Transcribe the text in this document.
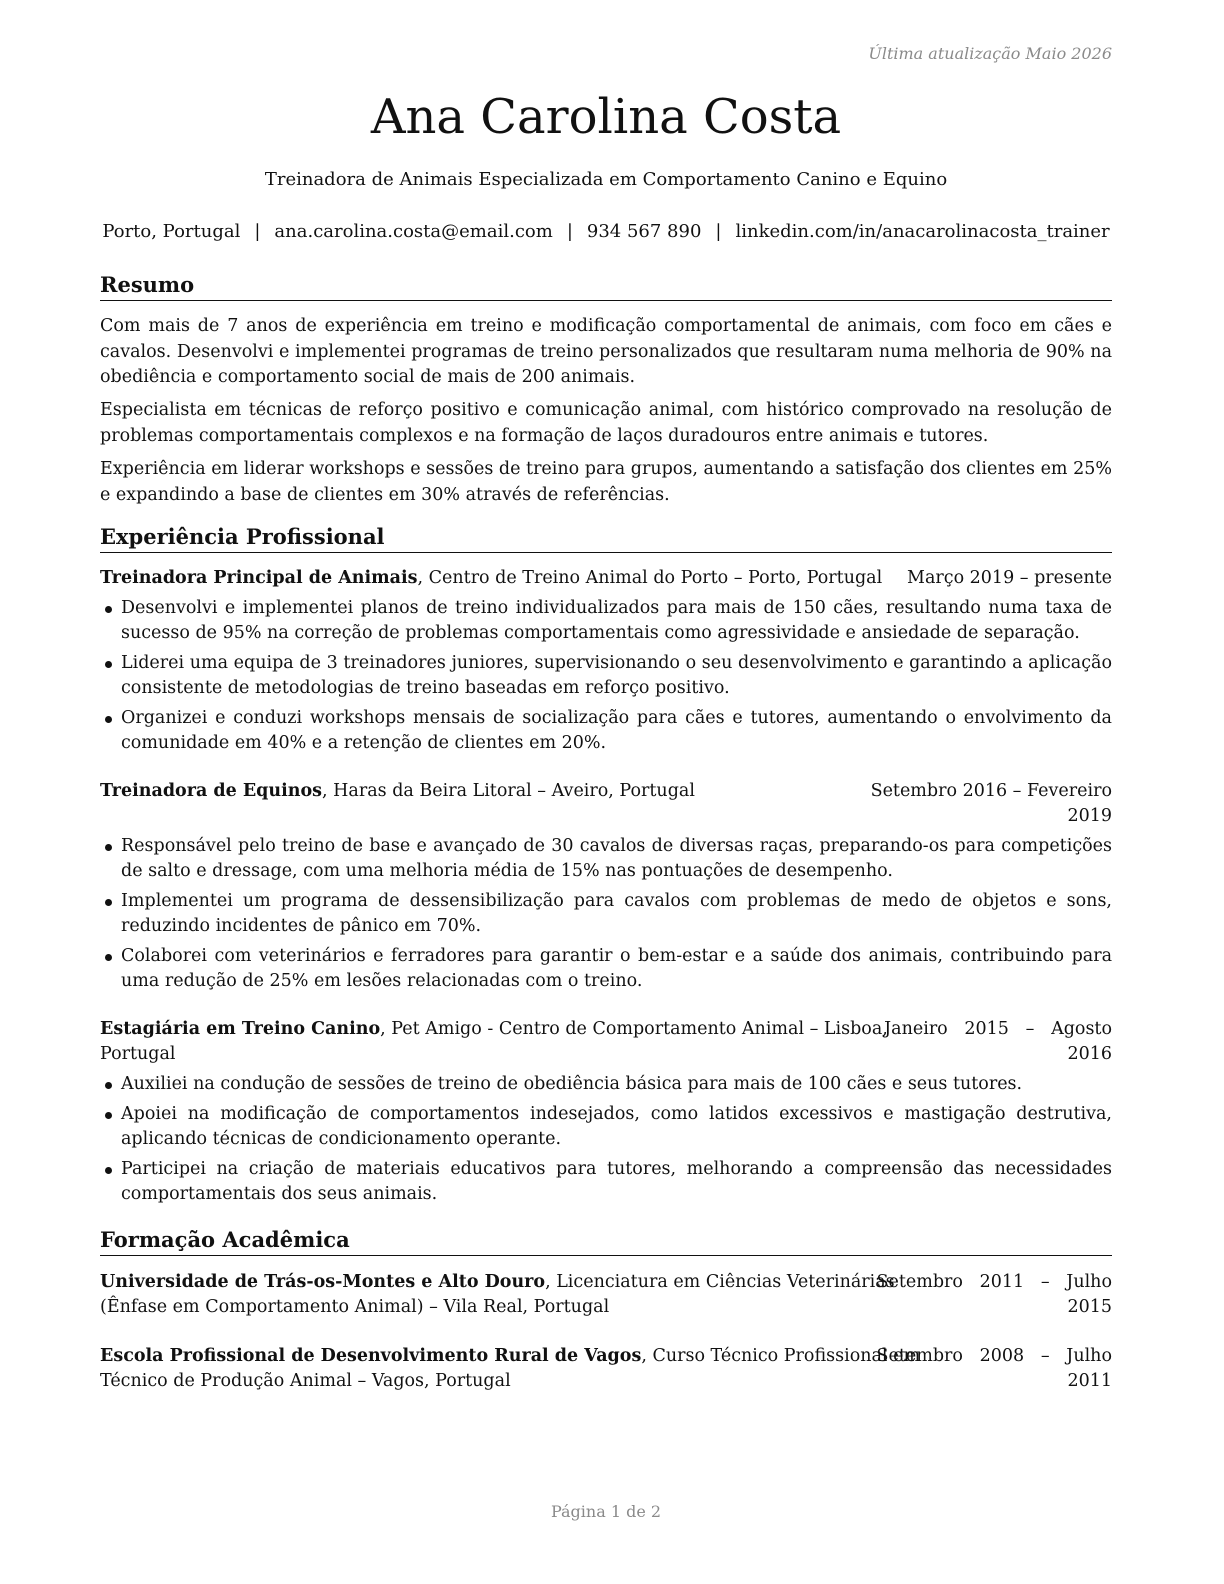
Última atualização Maio 2026
Ana Carolina Costa
Treinadora de Animais Especializada em Comportamento Canino e Equino
Porto, Portugal | ana.carolina.costa@email.com | 934 567 890 | linkedin.com/in/anacarolinacosta_trainer
Resumo
Com mais de 7 anos de experiência em treino e modificação comportamental de animais, com foco em cães e cavalos. Desenvolvi e implementei programas de treino personalizados que resultaram numa melhoria de 90% na obediência e comportamento social de mais de 200 animais.
Especialista em técnicas de reforço positivo e comunicação animal, com histórico comprovado na resolução de problemas comportamentais complexos e na formação de laços duradouros entre animais e tutores.
Experiência em liderar workshops e sessões de treino para grupos, aumentando a satisfação dos clientes em 25% e expandindo a base de clientes em 30% através de referências.
Experiência Profissional
Treinadora Principal de Animais, Centro de Treino Animal do Porto – Porto, Portugal Março 2019 – presente
Desenvolvi e implementei planos de treino individualizados para mais de 150 cães, resultando numa taxa de sucesso de 95% na correção de problemas comportamentais como agressividade e ansiedade de separação.
Liderei uma equipa de 3 treinadores juniores, supervisionando o seu desenvolvimento e garantindo a aplicação consistente de metodologias de treino baseadas em reforço positivo.
Organizei e conduzi workshops mensais de socialização para cães e tutores, aumentando o envolvimento da comunidade em 40% e a retenção de clientes em 20%.
Treinadora de Equinos, Haras da Beira Litoral – Aveiro, Portugal	Setembro 2016 – Fevereiro
2019
Responsável pelo treino de base e avançado de 30 cavalos de diversas raças, preparando-os para competições de salto e dressage, com uma melhoria média de 15% nas pontuações de desempenho.
Implementei um programa de dessensibilização para cavalos com problemas de medo de objetos e sons, reduzindo incidentes de pânico em 70%.
Colaborei com veterinários e ferradores para garantir o bem-estar e a saúde dos animais, contribuindo para uma redução de 25% em lesões relacionadas com o treino.
Estagiária em Treino Canino, Pet Amigo - Centro de Comportamento Animal – Lisboa,
Portugal
Janeiro   2015   –   Agosto
2016
Auxiliei na condução de sessões de treino de obediência básica para mais de 100 cães e seus tutores.
Apoiei na modificação de comportamentos indesejados, como latidos excessivos e mastigação destrutiva, aplicando técnicas de condicionamento operante.
Participei na criação de materiais educativos para tutores, melhorando a compreensão das necessidades comportamentais dos seus animais.
Formação Acadêmica
Universidade de Trás-os-Montes e Alto Douro, Licenciatura em Ciências Veterinárias
(Ênfase em Comportamento Animal) – Vila Real, Portugal
Setembro   2011   –   Julho
2015
Escola Profissional de Desenvolvimento Rural de Vagos, Curso Técnico Profissional em
Técnico de Produção Animal – Vagos, Portugal
Setembro   2008   –   Julho
2011
Página 1 de 2
